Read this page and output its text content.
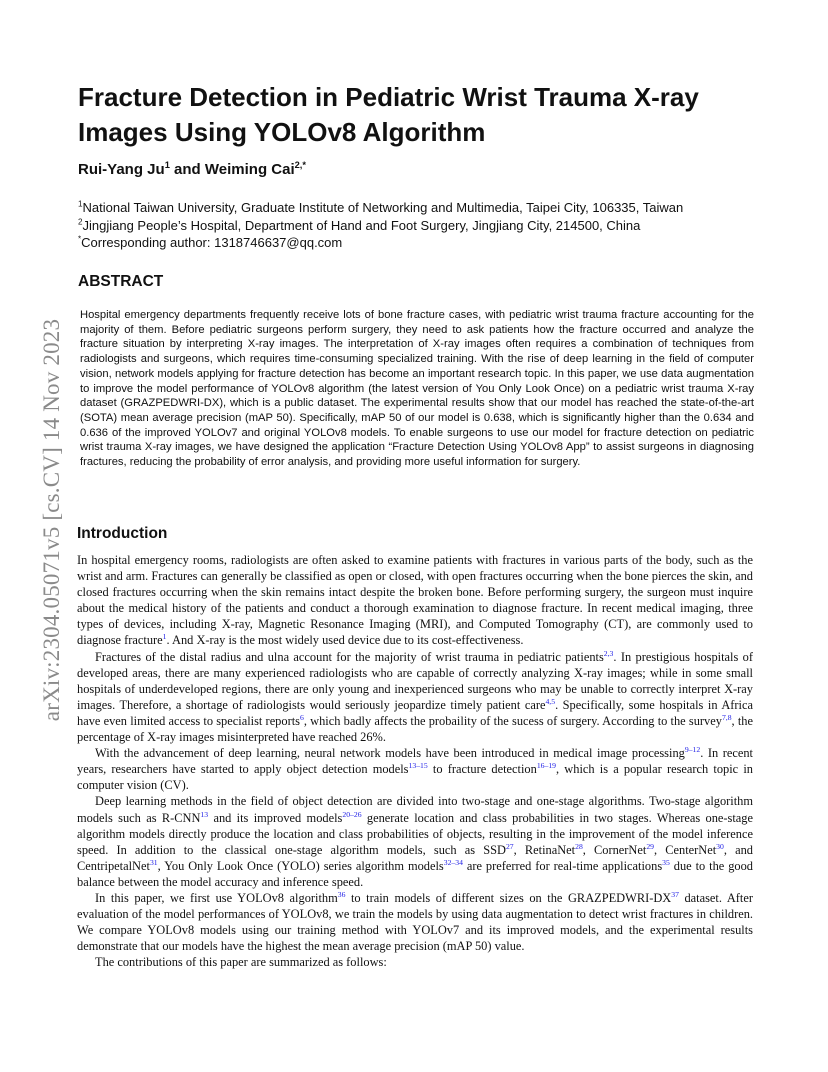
arXiv:2304.05071v5 [cs.CV] 14 Nov 2023
Fracture Detection in Pediatric Wrist Trauma X-ray Images Using YOLOv8 Algorithm
Rui-Yang Ju$^1$ and Weiming Cai$^{2,*}$

$^1$National Taiwan University, Graduate Institute of Networking and Multimedia, Taipei City, 106335, Taiwan

$^2$Jingjiang People’s Hospital, Department of Hand and Foot Surgery, Jingjiang City, 214500, China

*Corresponding author: 1318746637@qq.com

ABSTRACT

Hospital emergency departments frequently receive lots of bone fracture cases, with pediatric wrist trauma fracture accounting for the majority of them. Before pediatric surgeons perform surgery, they need to ask patients how the fracture occurred and analyze the fracture situation by interpreting X-ray images. The interpretation of X-ray images often requires a combination of techniques from radiologists and surgeons, which requires time-consuming specialized training. With the rise of deep learning in the field of computer vision, network models applying for fracture detection has become an important research topic. In this paper, we use data augmentation to improve the model performance of YOLOv8 algorithm (the latest version of You Only Look Once) on a pediatric wrist trauma X-ray dataset (GRAZPEDWRI-DX), which is a public dataset. The experimental results show that our model has reached the state-of-the-art (SOTA) mean average precision (mAP 50). Specifically, mAP 50 of our model is 0.638, which is significantly higher than the 0.634 and 0.636 of the improved YOLOv7 and original YOLOv8 models. To enable surgeons to use our model for fracture detection on pediatric wrist trauma X-ray images, we have designed the application “Fracture Detection Using YOLOv8 App” to assist surgeons in diagnosing fractures, reducing the probability of error analysis, and providing more useful information for surgery.

Introduction

In hospital emergency rooms, radiologists are often asked to examine patients with fractures in various parts of the body, such as the wrist and arm. Fractures can generally be classified as open or closed, with open fractures occurring when the bone pierces the skin, and closed fractures occurring when the skin remains intact despite the broken bone. Before performing surgery, the surgeon must inquire about the medical history of the patients and conduct a thorough examination to diagnose fracture. In recent medical imaging, three types of devices, including X-ray, Magnetic Resonance Imaging (MRI), and Computed Tomography (CT), are commonly used to diagnose fracture$^1$. And X-ray is the most widely used device due to its cost-effectiveness.

Fractures of the distal radius and ulna account for the majority of wrist trauma in pediatric patients$^{2,3}$. In prestigious hospitals of developed areas, there are many experienced radiologists who are capable of correctly analyzing X-ray images; while in some small hospitals of underdeveloped regions, there are only young and inexperienced surgeons who may be unable to correctly interpret X-ray images. Therefore, a shortage of radiologists would seriously jeopardize timely patient care$^{4,5}$. Specifically, some hospitals in Africa have even limited access to specialist reports$^6$, which badly affects the probaility of the sucess of surgery. According to the survey$^{7,8}$, the percentage of X-ray images misinterpreted have reached 26%.

With the advancement of deep learning, neural network models have been introduced in medical image processing$^{9-12}$. In recent years, researchers have started to apply object detection models$^{13-15}$ to fracture detection$^{16-19}$, which is a popular research topic in computer vision (CV).

Deep learning methods in the field of object detection are divided into two-stage and one-stage algorithms. Two-stage algorithm models such as R-CNN$^{13}$ and its improved models$^{20-26}$ generate location and class probabilities in two stages. Whereas one-stage algorithm models directly produce the location and class probabilities of objects, resulting in the improvement of the model inference speed. In addition to the classical one-stage algorithm models, such as SSD$^{27}$, RetinaNet$^{28}$, CornerNet$^{29}$, CenterNet$^{30}$, and CentripetalNet$^{31}$, You Only Look Once (YOLO) series algorithm models$^{32-34}$ are preferred for real-time applications$^{35}$ due to the good balance between the model accuracy and inference speed.

In this paper, we first use YOLOv8 algorithm$^{36}$ to train models of different sizes on the GRAZPEDWRI-DX$^{37}$ dataset. After evaluation of the model performances of YOLOv8, we train the models by using data augmentation to detect wrist fractures in children. We compare YOLOv8 models using our training method with YOLOv7 and its improved models, and the experimental results demonstrate that our models have the highest the mean average precision (mAP 50) value.

The contributions of this paper are summarized as follows:
